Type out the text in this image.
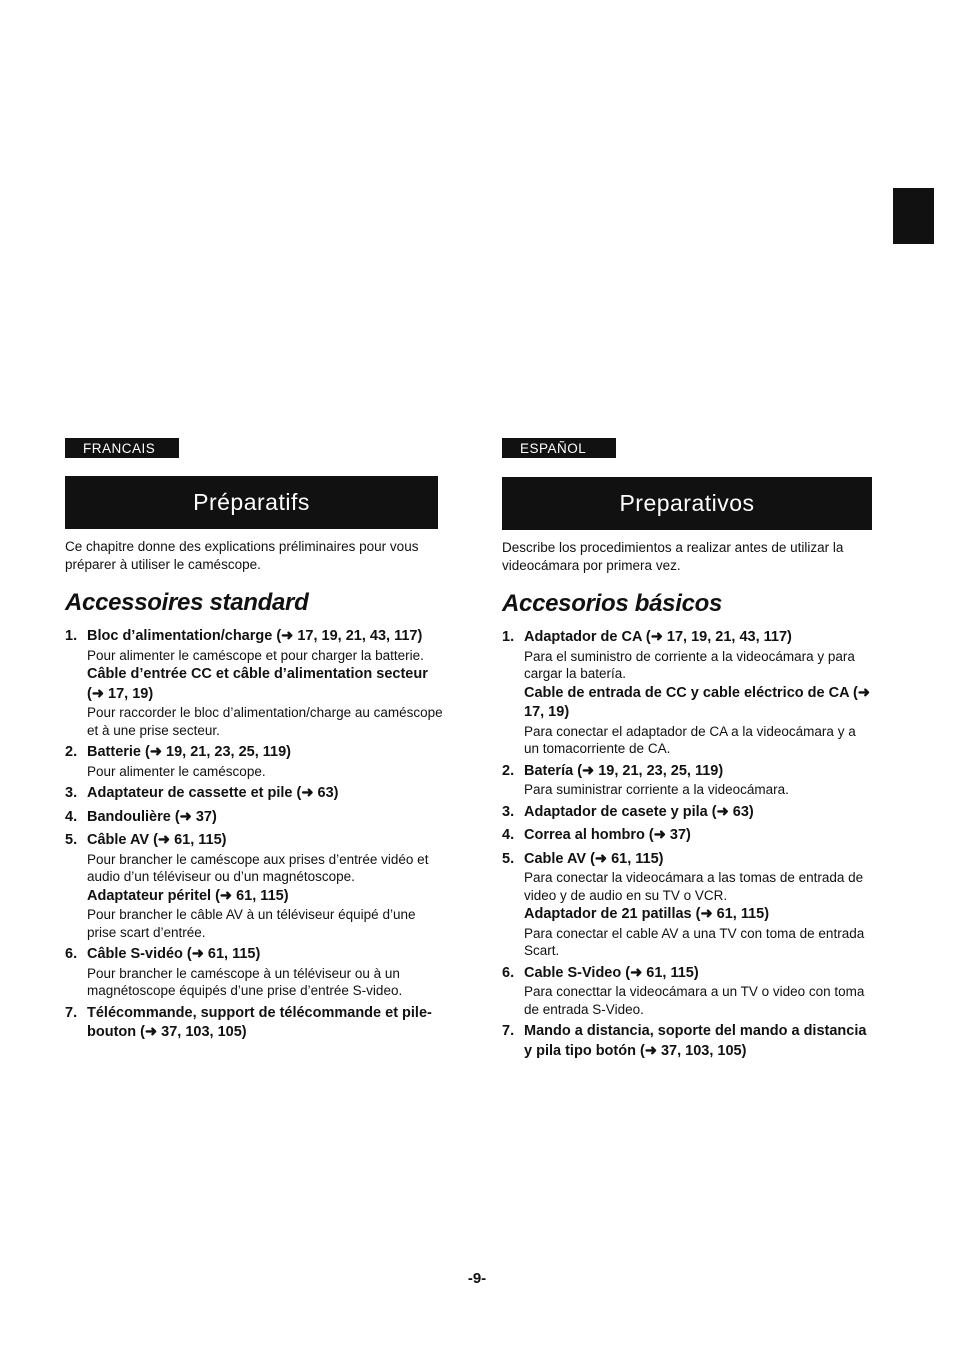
FRANCAIS
Préparatifs
Ce chapitre donne des explications préliminaires pour vous préparer à utiliser le caméscope.
Accessoires standard
1. Bloc d’alimentation/charge (➜ 17, 19, 21, 43, 117)
Pour alimenter le caméscope et pour charger la batterie.
Câble d’entrée CC et câble d’alimentation secteur (➜ 17, 19)
Pour raccorder le bloc d’alimentation/charge au caméscope et à une prise secteur.
2. Batterie (➜ 19, 21, 23, 25, 119)
Pour alimenter le caméscope.
3. Adaptateur de cassette et pile (➜ 63)
4. Bandoulière (➜ 37)
5. Câble AV (➜ 61, 115)
Pour brancher le caméscope aux prises d’entrée vidéo et audio d’un téléviseur ou d’un magnétoscope.
Adaptateur péritel (➜ 61, 115)
Pour brancher le câble AV à un téléviseur équipé d’une prise scart d’entrée.
6. Câble S-vidéo (➜ 61, 115)
Pour brancher le caméscope à un téléviseur ou à un magnétoscope équipés d’une prise d’entrée S-video.
7. Télécommande, support de télécommande et pile-bouton (➜ 37, 103, 105)
ESPAÑOL
Preparativos
Describe los procedimientos a realizar antes de utilizar la videocámara por primera vez.
Accesorios básicos
1. Adaptador de CA (➜ 17, 19, 21, 43, 117)
Para el suministro de corriente a la videocámara y para cargar la batería.
Cable de entrada de CC y cable eléctrico de CA (➜ 17, 19)
Para conectar el adaptador de CA a la videocámara y a un tomacorriente de CA.
2. Batería (➜ 19, 21, 23, 25, 119)
Para suministrar corriente a la videocámara.
3. Adaptador de casete y pila (➜ 63)
4. Correa al hombro (➜ 37)
5. Cable AV (➜ 61, 115)
Para conectar la videocámara a las tomas de entrada de video y de audio en su TV o VCR.
Adaptador de 21 patillas (➜ 61, 115)
Para conectar el cable AV a una TV con toma de entrada Scart.
6. Cable S-Video (➜ 61, 115)
Para conecttar la videocámara a un TV o video con toma de entrada S-Video.
7. Mando a distancia, soporte del mando a distancia y pila tipo botón (➜ 37, 103, 105)
-9-
